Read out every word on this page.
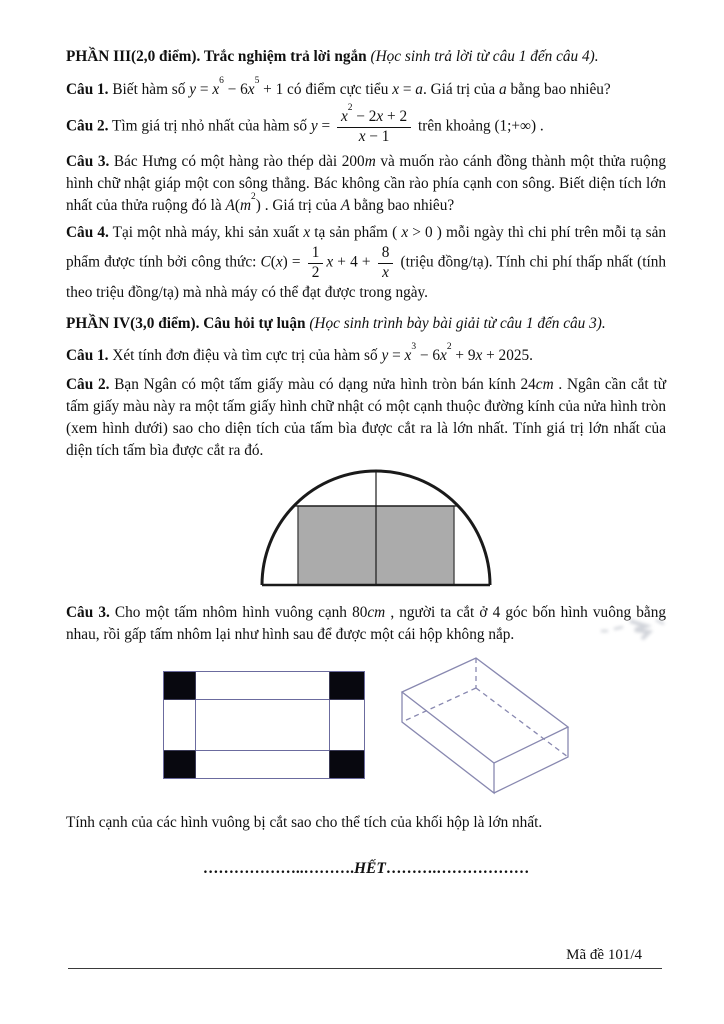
PHẦN III(2,0 điểm). Trắc nghiệm trả lời ngắn (Học sinh trả lời từ câu 1 đến câu 4).

Câu 1. Biết hàm số $y = x^6 - 6x^5 + 1$ có điểm cực tiểu x = a. Giá trị của a bằng bao nhiêu?

Câu 2. Tìm giá trị nhỏ nhất của hàm số $y = \frac{x^2 - 2x + 2}{x - 1}$ trên khoảng (1;+∞) .

Câu 3. Bác Hưng có một hàng rào thép dài 200m và muốn rào cánh đồng thành một thửa ruộng hình chữ nhật giáp một con sông thẳng. Bác không cần rào phía cạnh con sông. Biết diện tích lớn nhất của thửa ruộng đó là $A(m^2)$ . Giá trị của A bằng bao nhiêu?

Câu 4. Tại một nhà máy, khi sản xuất x tạ sản phẩm ( x > 0 ) mỗi ngày thì chi phí trên mỗi tạ sản phẩm được tính bởi công thức: $C(x) = \frac{1}{2}$ $x + 4 + \frac{8}{x}$ (triệu đồng/tạ). Tính chi phí thấp nhất (tính theo triệu đồng/tạ) mà nhà máy có thể đạt được trong ngày.

PHẦN IV(3,0 điểm). Câu hỏi tự luận (Học sinh trình bày bài giải từ câu 1 đến câu 3).

Câu 1. Xét tính đơn điệu và tìm cực trị của hàm số $y = x^3 - 6x^2 + 9x + 2025$.

Câu 2. Bạn Ngân có một tấm giấy màu có dạng nửa hình tròn bán kính 24cm . Ngân cần cắt từ tấm giấy màu này ra một tấm giấy hình chữ nhật có một cạnh thuộc đường kính của nửa hình tròn (xem hình dưới) sao cho diện tích của tấm bìa được cắt ra là lớn nhất. Tính giá trị lớn nhất của diện tích tấm bìa được cắt ra đó.

Câu 3. Cho một tấm nhôm hình vuông cạnh 80cm , người ta cắt ở 4 góc bốn hình vuông bằng nhau, rồi gấp tấm nhôm lại như hình sau để được một cái hộp không nắp.

Tính cạnh của các hình vuông bị cắt sao cho thể tích của khối hộp là lớn nhất.

………………..……….HẾT……….………………

Mã đề 101/4
